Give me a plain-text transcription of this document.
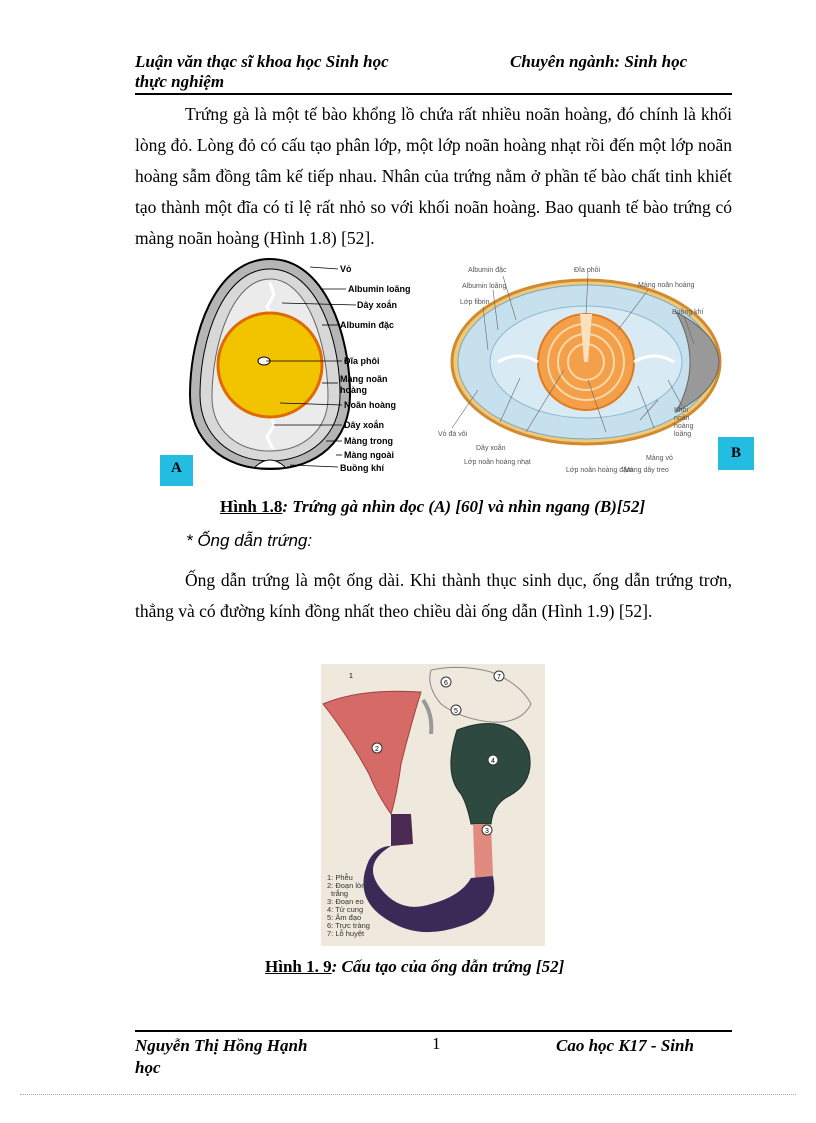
Luận văn thạc sĩ khoa học Sinh học
thực nghiệm
Chuyên ngành: Sinh học

Trứng gà là một tế bào khổng lồ chứa rất nhiều noãn hoàng, đó chính là khối lòng đỏ. Lòng đỏ có cấu tạo phân lớp, một lớp noãn hoàng nhạt rồi đến một lớp noãn hoàng sẫm đồng tâm kế tiếp nhau. Nhân của trứng nằm ở phần tế bào chất tinh khiết tạo thành một đĩa có tỉ lệ rất nhỏ so với khối noãn hoàng. Bao quanh tế bào trứng có màng noãn hoàng (Hình 1.8) [52].

A
Vỏ
Albumin loãng
Dây xoắn
Albumin đặc
Đĩa phôi
Màng noãn
hoàng
Noãn hoàng
Dây xoắn
Màng trong
Màng ngoài
Buồng khí
Albumin đặc
Albumin loãng
Lớp fibrin
Đĩa phôi
Màng noãn hoàng
Buồng khí
Khối
noãn
hoàng
loãng
Vỏ đá vôi
Dây xoắn
Lớp noãn hoàng nhạt
Lớp noãn hoàng đậm
Màng dây treo
Màng vỏ	B
Hình 1.8: Trứng gà nhìn dọc (A) [60] và nhìn ngang (B)[52]
* Ống dẫn trứng:

Ống dẫn trứng là một ống dài. Khi thành thục sinh dục, ống dẫn trứng trơn, thẳng và có đường kính đồng nhất theo chiều dài ống dẫn (Hình 1.9) [52].

6
7
5
2
4
3
1
1: Phễu
2: Đoạn lòng
trắng
3: Đoạn eo
4: Tử cung
5: Âm đạo
6: Trực tràng
7: Lỗ huyệt
Hình 1. 9: Cấu tạo của ống dẫn trứng [52]
Nguyễn Thị Hồng Hạnh
học
1	Cao học K17 - Sinh
